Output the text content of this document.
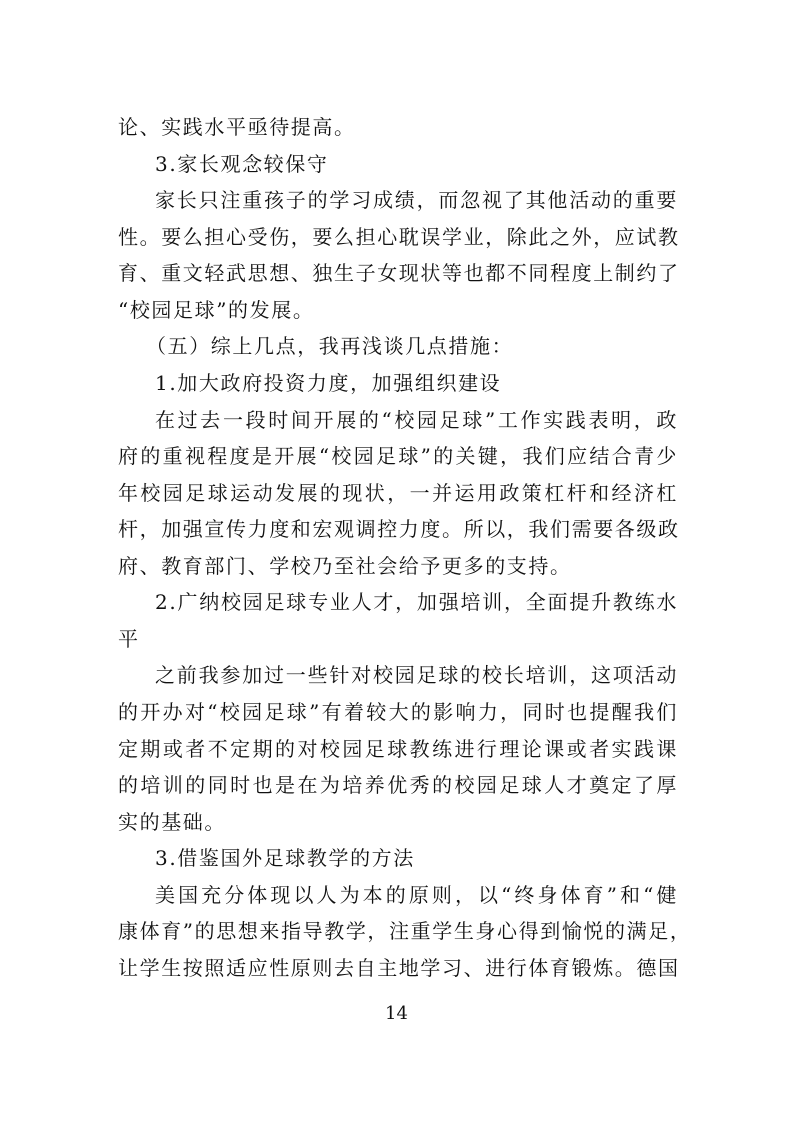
论、实践水平亟待提高。
3.家长观念较保守
家长只注重孩子的学习成绩，而忽视了其他活动的重要
性。要么担心受伤，要么担心耽误学业，除此之外，应试教
育、重文轻武思想、独生子女现状等也都不同程度上制约了
“校园足球”的发展。
（五）综上几点，我再浅谈几点措施：
1.加大政府投资力度，加强组织建设
在过去一段时间开展的“校园足球”工作实践表明，政
府的重视程度是开展“校园足球”的关键，我们应结合青少
年校园足球运动发展的现状，一并运用政策杠杆和经济杠
杆，加强宣传力度和宏观调控力度。所以，我们需要各级政
府、教育部门、学校乃至社会给予更多的支持。
2.广纳校园足球专业人才，加强培训，全面提升教练水
平
之前我参加过一些针对校园足球的校长培训，这项活动
的开办对“校园足球”有着较大的影响力，同时也提醒我们
定期或者不定期的对校园足球教练进行理论课或者实践课
的培训的同时也是在为培养优秀的校园足球人才奠定了厚
实的基础。
3.借鉴国外足球教学的方法
美国充分体现以人为本的原则，以“终身体育”和“健
康体育”的思想来指导教学，注重学生身心得到愉悦的满足，
让学生按照适应性原则去自主地学习、进行体育锻炼。德国
14
